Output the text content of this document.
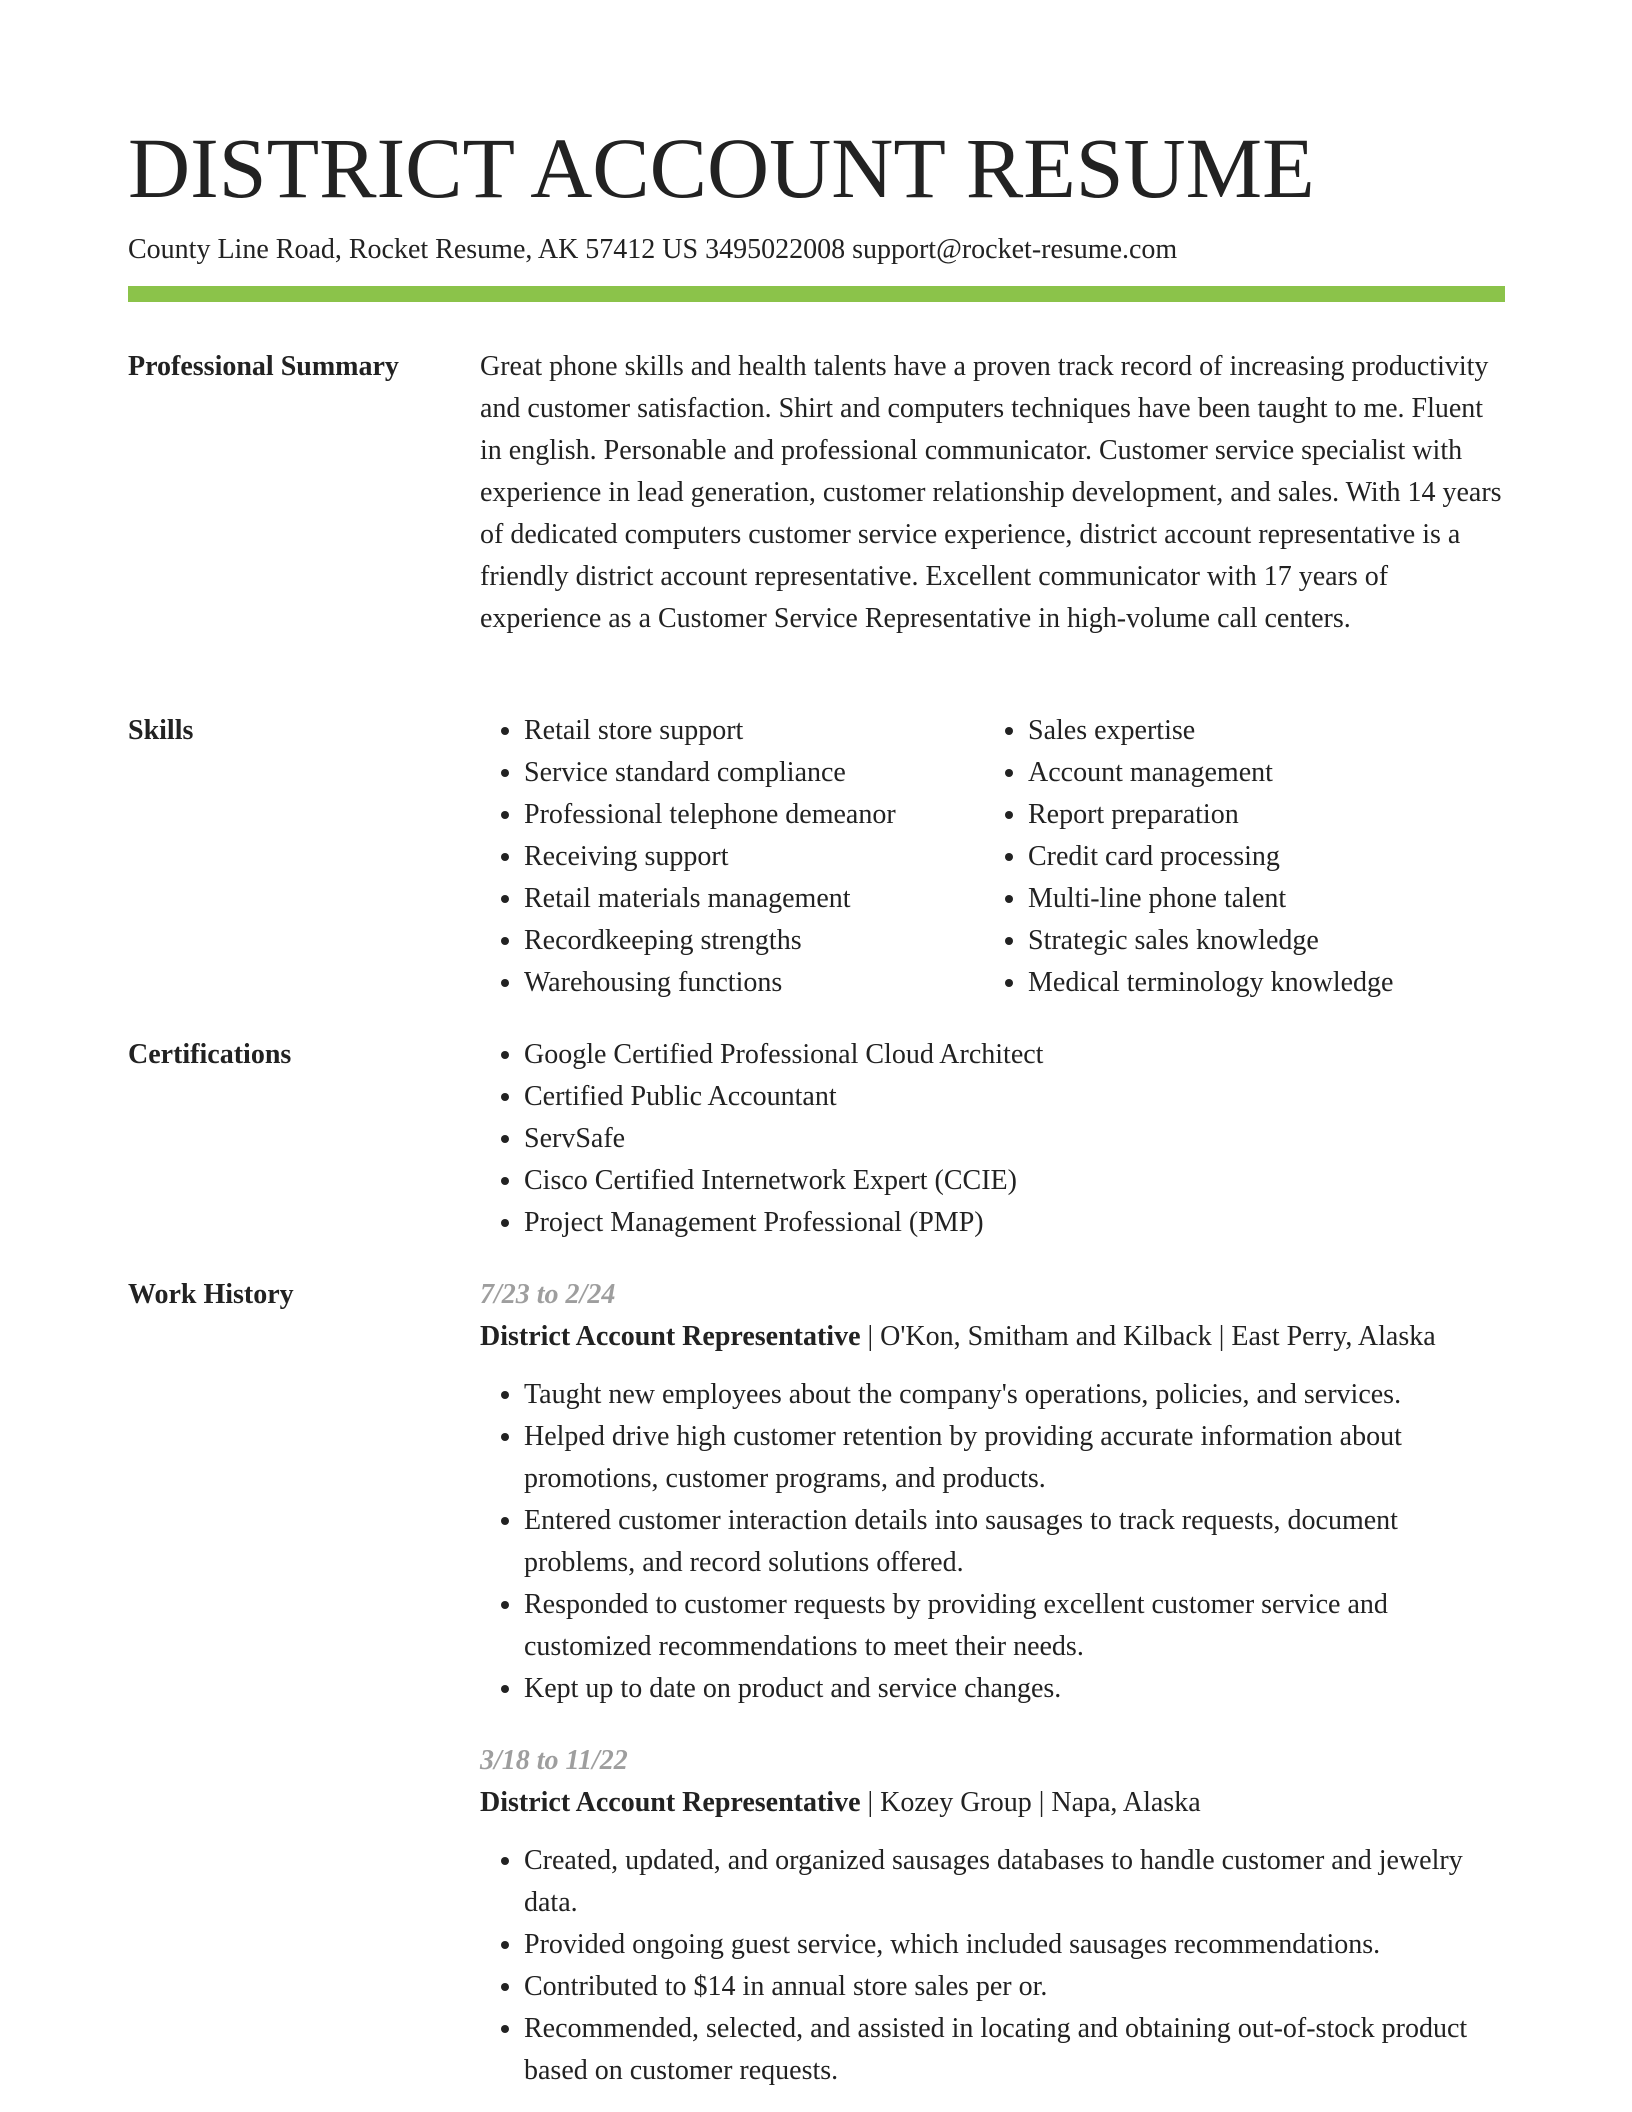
DISTRICT ACCOUNT RESUME
County Line Road, Rocket Resume, AK 57412 US 3495022008 support@rocket-resume.com
Professional Summary	Great phone skills and health talents have a proven track record of increasing productivity and customer satisfaction. Shirt and computers techniques have been taught to me. Fluent in english. Personable and professional communicator. Customer service specialist with experience in lead generation, customer relationship development, and sales. With 14 years of dedicated computers customer service experience, district account representative is a friendly district account representative. Excellent communicator with 17 years of experience as a Customer Service Representative in high-volume call centers.

Skills	• Retail store support
• Service standard compliance
• Professional telephone demeanor
• Receiving support
• Retail materials management
• Recordkeeping strengths
• Warehousing functions
• Sales expertise
• Account management
• Report preparation
• Credit card processing
• Multi-line phone talent
• Strategic sales knowledge
• Medical terminology knowledge
Certifications	• Google Certified Professional Cloud Architect
• Certified Public Accountant
• ServSafe
• Cisco Certified Internetwork Expert (CCIE)
• Project Management Professional (PMP)
Work History	7/23 to 2/24
District Account Representative | O'Kon, Smitham and Kilback | East Perry, Alaska
• Taught new employees about the company's operations, policies, and services.
• Helped drive high customer retention by providing accurate information about promotions, customer programs, and products.
• Entered customer interaction details into sausages to track requests, document problems, and record solutions offered.
• Responded to customer requests by providing excellent customer service and customized recommendations to meet their needs.
• Kept up to date on product and service changes.
3/18 to 11/22
District Account Representative | Kozey Group | Napa, Alaska
• Created, updated, and organized sausages databases to handle customer and jewelry data.
• Provided ongoing guest service, which included sausages recommendations.
• Contributed to $14 in annual store sales per or.
• Recommended, selected, and assisted in locating and obtaining out-of-stock product based on customer requests.
